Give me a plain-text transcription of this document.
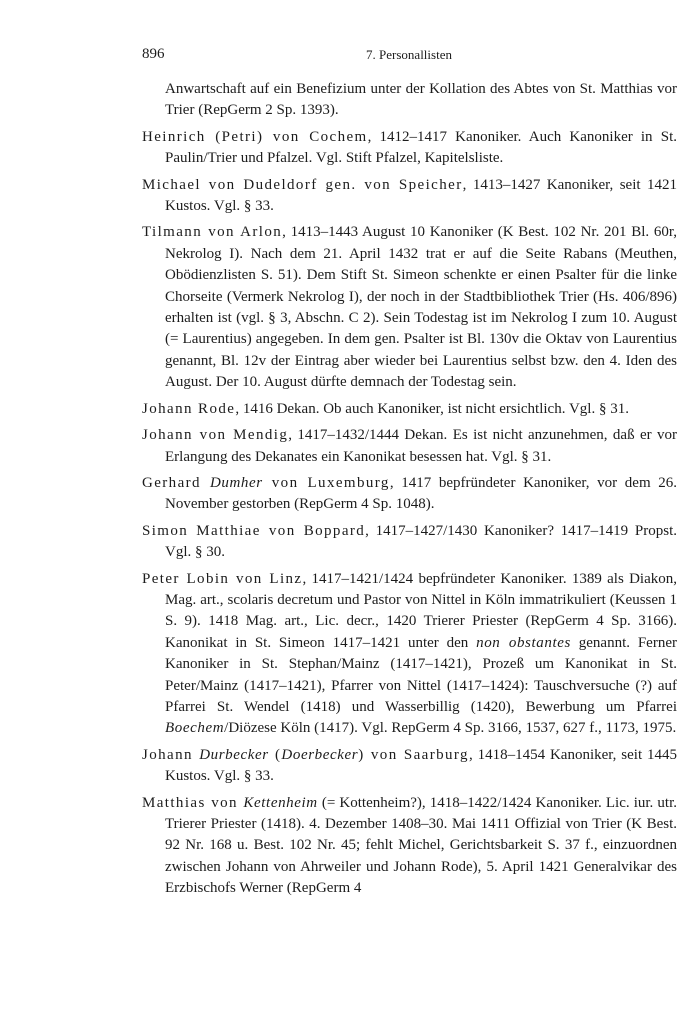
896	7. Personallisten

Anwartschaft auf ein Benefizium unter der Kollation des Abtes von St. Matthias vor Trier (RepGerm 2 Sp. 1393).

Heinrich (Petri) von Cochem, 1412–1417 Kanoniker. Auch Kanoniker in St. Paulin/Trier und Pfalzel. Vgl. Stift Pfalzel, Kapitelsliste.

Michael von Dudeldorf gen. von Speicher, 1413–1427 Kanoniker, seit 1421 Kustos. Vgl. § 33.

Tilmann von Arlon, 1413–1443 August 10 Kanoniker (K Best. 102 Nr. 201 Bl. 60r, Nekrolog I). Nach dem 21. April 1432 trat er auf die Seite Rabans (Meuthen, Obödienzlisten S. 51). Dem Stift St. Simeon schenkte er einen Psalter für die linke Chorseite (Vermerk Nekrolog I), der noch in der Stadtbibliothek Trier (Hs. 406/896) erhalten ist (vgl. § 3, Abschn. C 2). Sein Todestag ist im Nekrolog I zum 10. August (= Laurentius) angegeben. In dem gen. Psalter ist Bl. 130v die Oktav von Laurentius genannt, Bl. 12v der Eintrag aber wieder bei Laurentius selbst bzw. den 4. Iden des August. Der 10. August dürfte demnach der Todestag sein.

Johann Rode, 1416 Dekan. Ob auch Kanoniker, ist nicht ersichtlich. Vgl. § 31.

Johann von Mendig, 1417–1432/1444 Dekan. Es ist nicht anzunehmen, daß er vor Erlangung des Dekanates ein Kanonikat besessen hat. Vgl. § 31.

Gerhard Dumher von Luxemburg, 1417 bepfründeter Kanoniker, vor dem 26. November gestorben (RepGerm 4 Sp. 1048).

Simon Matthiae von Boppard, 1417–1427/1430 Kanoniker? 1417–1419 Propst. Vgl. § 30.

Peter Lobin von Linz, 1417–1421/1424 bepfründeter Kanoniker. 1389 als Diakon, Mag. art., scolaris decretum und Pastor von Nittel in Köln immatrikuliert (Keussen 1 S. 9). 1418 Mag. art., Lic. decr., 1420 Trierer Priester (RepGerm 4 Sp. 3166). Kanonikat in St. Simeon 1417–1421 unter den non obstantes genannt. Ferner Kanoniker in St. Stephan/Mainz (1417–1421), Prozeß um Kanonikat in St. Peter/Mainz (1417–1421), Pfarrer von Nittel (1417–1424): Tauschversuche (?) auf Pfarrei St. Wendel (1418) und Wasserbillig (1420), Bewerbung um Pfarrei Boechem/Diözese Köln (1417). Vgl. RepGerm 4 Sp. 3166, 1537, 627 f., 1173, 1975.

Johann Durbecker (Doerbecker) von Saarburg, 1418–1454 Kanoniker, seit 1445 Kustos. Vgl. § 33.

Matthias von Kettenheim (= Kottenheim?), 1418–1422/1424 Kanoniker. Lic. iur. utr. Trierer Priester (1418). 4. Dezember 1408–30. Mai 1411 Offizial von Trier (K Best. 92 Nr. 168 u. Best. 102 Nr. 45; fehlt Michel, Gerichtsbarkeit S. 37 f., einzuordnen zwischen Johann von Ahrweiler und Johann Rode), 5. April 1421 Generalvikar des Erzbischofs Werner (RepGerm 4
